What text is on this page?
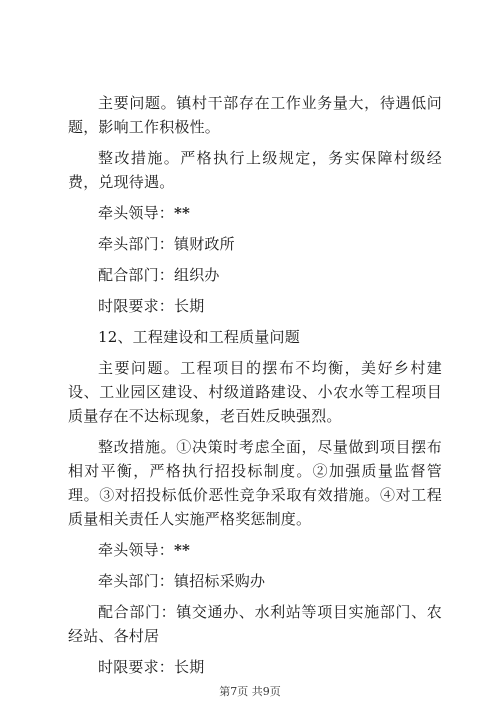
主要问题。镇村干部存在工作业务量大，待遇低问题，影响工作积极性。

整改措施。严格执行上级规定，务实保障村级经费，兑现待遇。

牵头领导：**

牵头部门：镇财政所

配合部门：组织办

时限要求：长期

12、工程建设和工程质量问题

主要问题。工程项目的摆布不均衡，美好乡村建设、工业园区建设、村级道路建设、小农水等工程项目质量存在不达标现象，老百姓反映强烈。

整改措施。①决策时考虑全面，尽量做到项目摆布相对平衡，严格执行招投标制度。②加强质量监督管理。③对招投标低价恶性竞争采取有效措施。④对工程质量相关责任人实施严格奖惩制度。

牵头领导：**

牵头部门：镇招标采购办

配合部门：镇交通办、水利站等项目实施部门、农经站、各村居

时限要求：长期

第7页 共9页
